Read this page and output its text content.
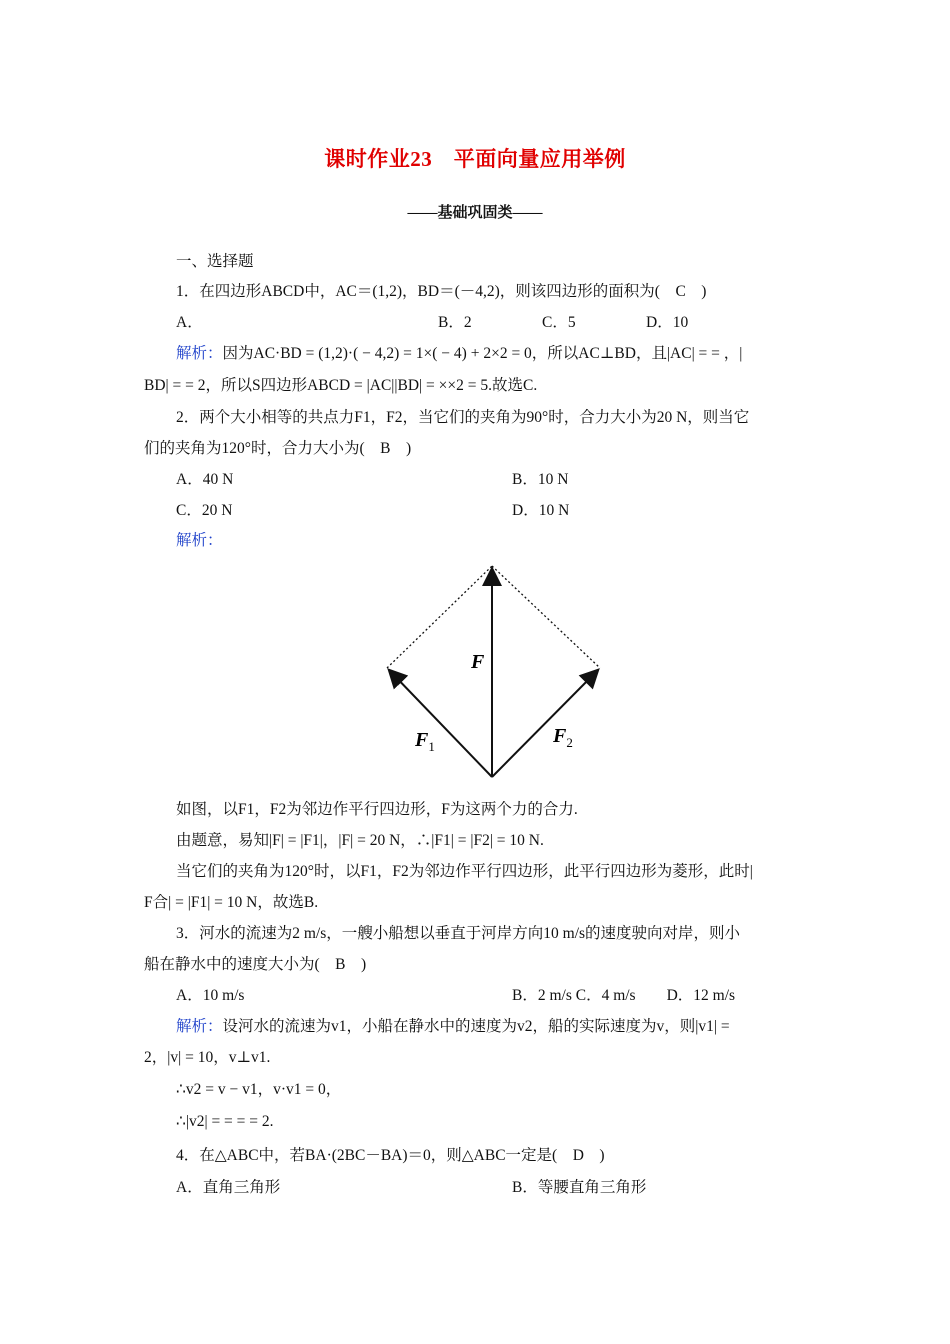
课时作业23　平面向量应用举例
——基础巩固类——
一、选择题
1．在四边形ABCD中，AC＝(1,2)，BD＝(－4,2)，则该四边形的面积为(　C　)
A．	B．2	C．5	D．10
解析：因为AC·BD = (1,2)·( − 4,2) = 1×( − 4) + 2×2 = 0，所以AC⊥BD，且|AC| = = ，|
BD| = = 2，所以S四边形ABCD = |AC||BD| = ××2 = 5.故选C.
2．两个大小相等的共点力F1，F2，当它们的夹角为90°时，合力大小为20 N，则当它
们的夹角为120°时，合力大小为(　B　)
A．40 N	B．10 N
C．20 N	D．10 N
解析：
F
$F_1$	$F_2$
如图，以F1，F2为邻边作平行四边形，F为这两个力的合力.
由题意，易知|F| = |F1|，|F| = 20 N，∴|F1| = |F2| = 10 N.
当它们的夹角为120°时，以F1，F2为邻边作平行四边形，此平行四边形为菱形，此时|
F合| = |F1| = 10 N，故选B.
3．河水的流速为2 m/s，一艘小船想以垂直于河岸方向10 m/s的速度驶向对岸，则小
船在静水中的速度大小为(　B　)
A．10 m/s	B．2 m/s C．4 m/s　　D．12 m/s
解析：设河水的流速为v1，小船在静水中的速度为v2，船的实际速度为v，则|v1| =
2，|v| = 10，v⊥v1.
∴v2 = v − v1，v·v1 = 0，
∴|v2| = = = = 2.
4．在△ABC中，若BA·(2BC－BA)＝0，则△ABC一定是(　D　)
A．直角三角形	B．等腰直角三角形
